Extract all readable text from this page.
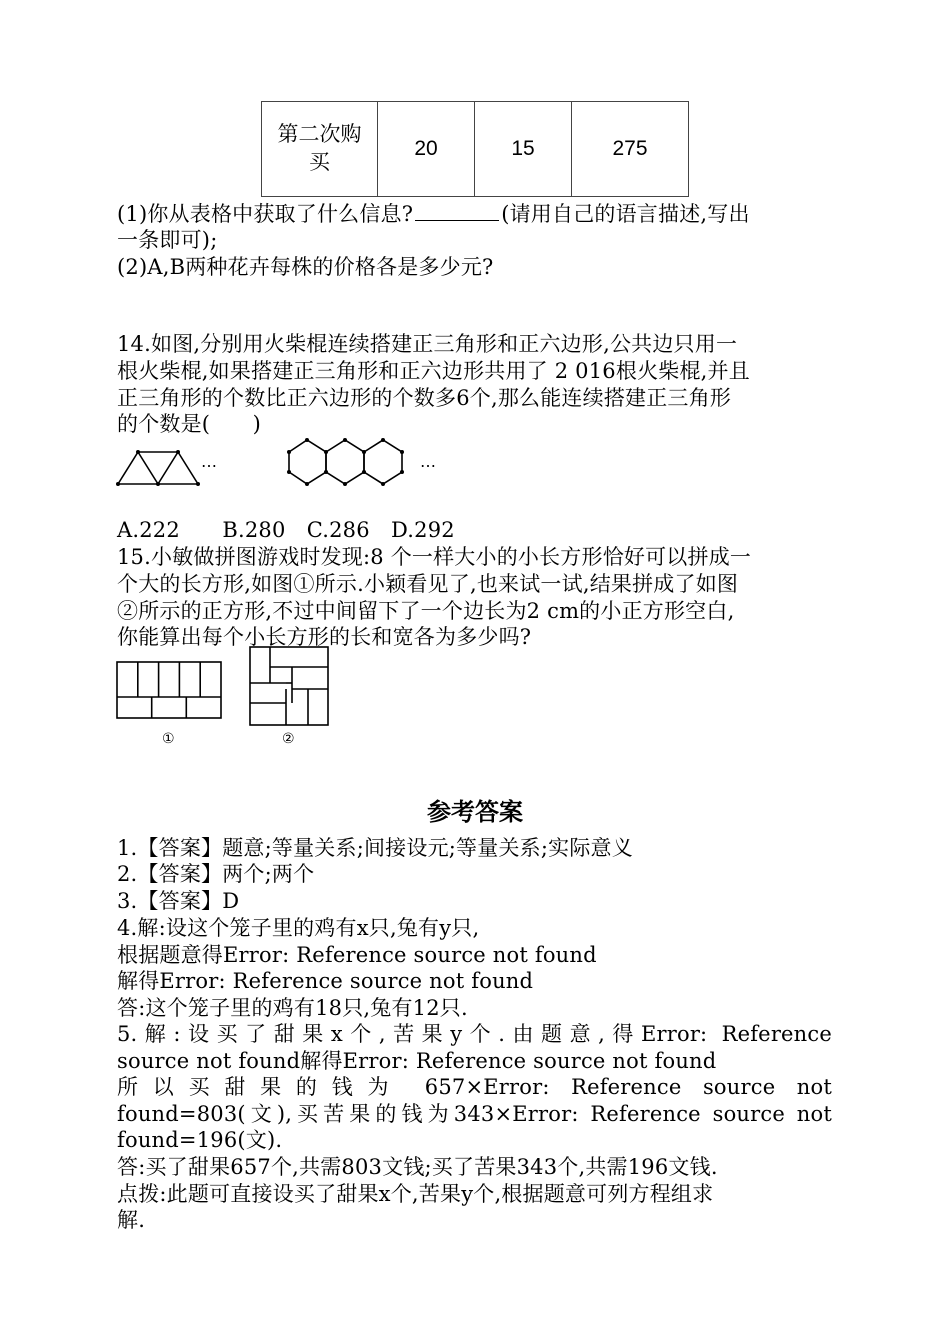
第二次购
买
	20	15	275
(1)你从表格中获取了什么信息?	(请用自己的语言描述,写出
一条即可);
(2)A,B两种花卉每株的价格各是多少元?
14.如图,分别用火柴棍连续搭建正三角形和正六边形,公共边只用一
根火柴棍,如果搭建正三角形和正六边形共用了 2 016根火柴棍,并且
正三角形的个数比正六边形的个数多6个,那么能连续搭建正三角形
的个数是(　　)
…	…
A.222　　B.280　C.286　D.292
15.小敏做拼图游戏时发现:8 个一样大小的小长方形恰好可以拼成一
个大的长方形,如图①所示.小颖看见了,也来试一试,结果拼成了如图
②所示的正方形,不过中间留下了一个边长为2 cm的小正方形空白,
你能算出每个小长方形的长和宽各为多少吗?
①	②
参考答案
1.【答案】题意;等量关系;间接设元;等量关系;实际意义
2.【答案】两个;两个
3.【答案】D
4.解:设这个笼子里的鸡有x只,兔有y只,
根据题意得Error: Reference source not found
解得Error: Reference source not found
答:这个笼子里的鸡有18只,兔有12只.
5.解:设买了甜果x个,苦果y个.由题意,得Error: Reference
source not found解得Error: Reference source not found
所以买甜果的钱为 657×Error: Reference source not
found=803(文),买苦果的钱为343×Error: Reference source not
found=196(文).
答:买了甜果657个,共需803文钱;买了苦果343个,共需196文钱.
点拨:此题可直接设买了甜果x个,苦果y个,根据题意可列方程组求
解.
